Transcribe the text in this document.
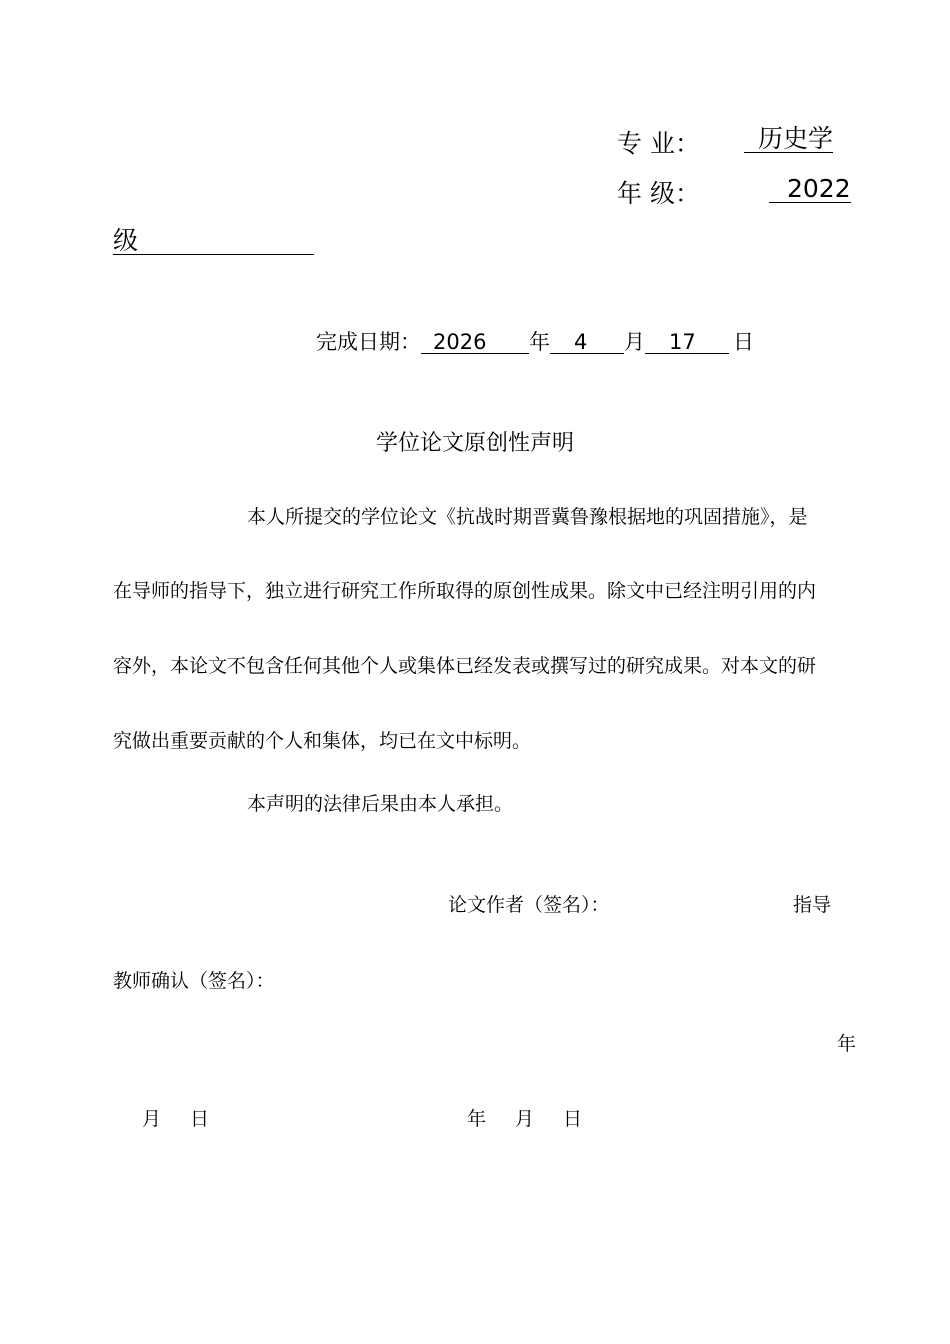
专 业：	历史学
年 级：	2022
级
完成日期： 2026 年 4 月 17 日
学位论文原创性声明
本人所提交的学位论文《抗战时期晋冀鲁豫根据地的巩固措施》，是
在导师的指导下，独立进行研究工作所取得的原创性成果。除文中已经注明引用的内
容外，本论文不包含任何其他个人或集体已经发表或撰写过的研究成果。对本文的研
究做出重要贡献的个人和集体，均已在文中标明。
本声明的法律后果由本人承担。
论文作者（签名）：	指导
教师确认（签名）：
年
月 日	年 月 日
